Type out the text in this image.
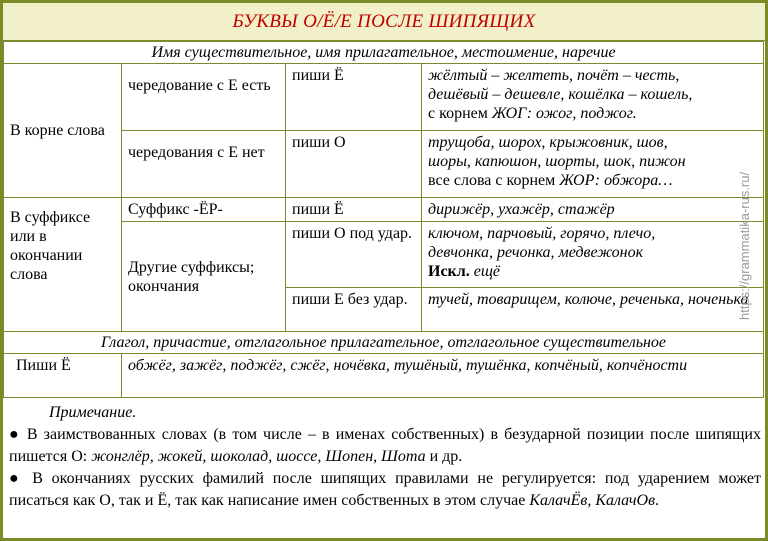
БУКВЫ О/Ё/Е ПОСЛЕ ШИПЯЩИХ
Имя существительное, имя прилагательное, местоимение, наречие			
В корне слова	чередование с Е есть	пиши Ё	жёлтый – желтеть, почёт – честь,
дешёвый – дешевле, кошёлка – кошель,
с корнем ЖОГ: ожог, поджог.

	чередования с Е нет	пиши О	трущоба, шорох, крыжовник, шов,
шоры, капюшон, шорты, шок, пижон
все слова с корнем ЖОР: обжора…

В суффиксе или в окончании слова	Суффикс -ЁР-	пиши Ё	дирижёр, ухажёр, стажёр
	Другие суффиксы; окончания	пиши О под удар.	ключом, парчовый, горячо, плечо,
девчонка, речонка, медвежонок
Искл. ещё

		пиши Е без удар.	тучей, товарищем, колюче, реченька, ноченька
Глагол, причастие, отглагольное прилагательное, отглагольное существительное			
Пиши Ё	обжёг, зажёг, поджёг, сжёг, ночёвка, тушёный, тушёнка, копчёный, копчёности		
Примечание.
● В заимствованных словах (в том числе – в именах собственных) в безударной позиции после шипящих пишется О: жонглёр, жокей, шоколад, шоссе, Шопен, Шота и др.
● В окончаниях русских фамилий после шипящих правилами не регулируется: под ударением может писаться как О, так и Ё, так как написание имен собственных в этом случае КалачЁв, КалачОв.
https://grammatika-rus.ru/
